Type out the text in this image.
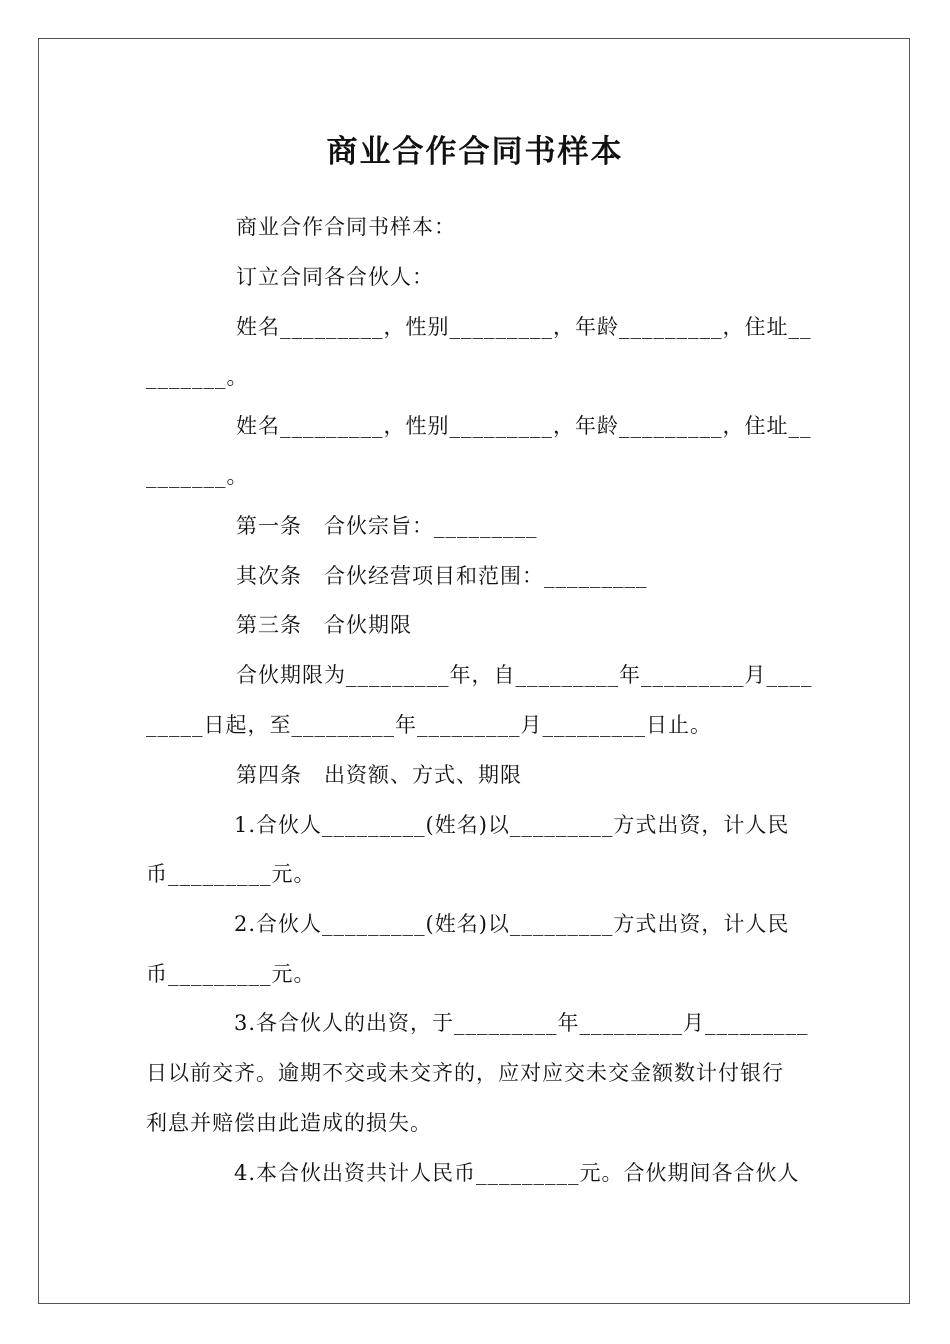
商业合作合同书样本
商业合作合同书样本：
订立合同各合伙人：
姓名_________，性别_________，年龄_________，住址__
_______。
姓名_________，性别_________，年龄_________，住址__
_______。
第一条　合伙宗旨：_________
其次条　合伙经营项目和范围：_________
第三条　合伙期限
合伙期限为_________年，自_________年_________月____
_____日起，至_________年_________月_________日止。
第四条　出资额、方式、期限
1.合伙人_________(姓名)以_________方式出资，计人民
币_________元。
2.合伙人_________(姓名)以_________方式出资，计人民
币_________元。
3.各合伙人的出资，于_________年_________月_________
日以前交齐。逾期不交或未交齐的，应对应交未交金额数计付银行
利息并赔偿由此造成的损失。
4.本合伙出资共计人民币_________元。合伙期间各合伙人
